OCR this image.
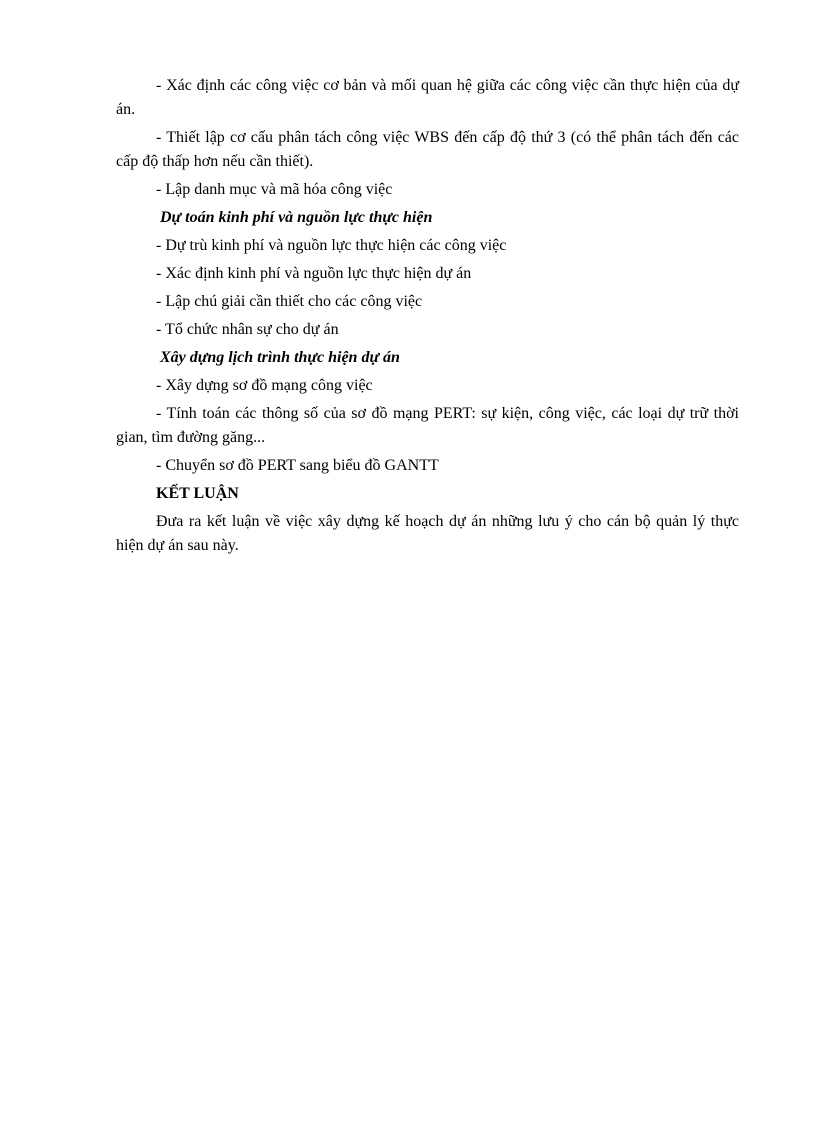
- Xác định các công việc cơ bản và mối quan hệ giữa các công việc cần thực hiện của dự án.

- Thiết lập cơ cấu phân tách công việc WBS đến cấp độ thứ 3 (có thể phân tách đến các cấp độ thấp hơn nếu cần thiết).

- Lập danh mục và mã hóa công việc

Dự toán kinh phí và nguồn lực thực hiện

- Dự trù kinh phí và nguồn lực thực hiện các công việc

- Xác định kinh phí và nguồn lực thực hiện dự án

- Lập chú giải cần thiết cho các công việc

- Tổ chức nhân sự cho dự án

Xây dựng lịch trình thực hiện dự án

- Xây dựng sơ đồ mạng công việc

- Tính toán các thông số của sơ đồ mạng PERT: sự kiện, công việc, các loại dự trữ thời gian, tìm đường găng...

- Chuyển sơ đồ PERT sang biểu đồ GANTT

KẾT LUẬN

Đưa ra kết luận về việc xây dựng kế hoạch dự án những lưu ý cho cán bộ quản lý thực hiện dự án sau này.
